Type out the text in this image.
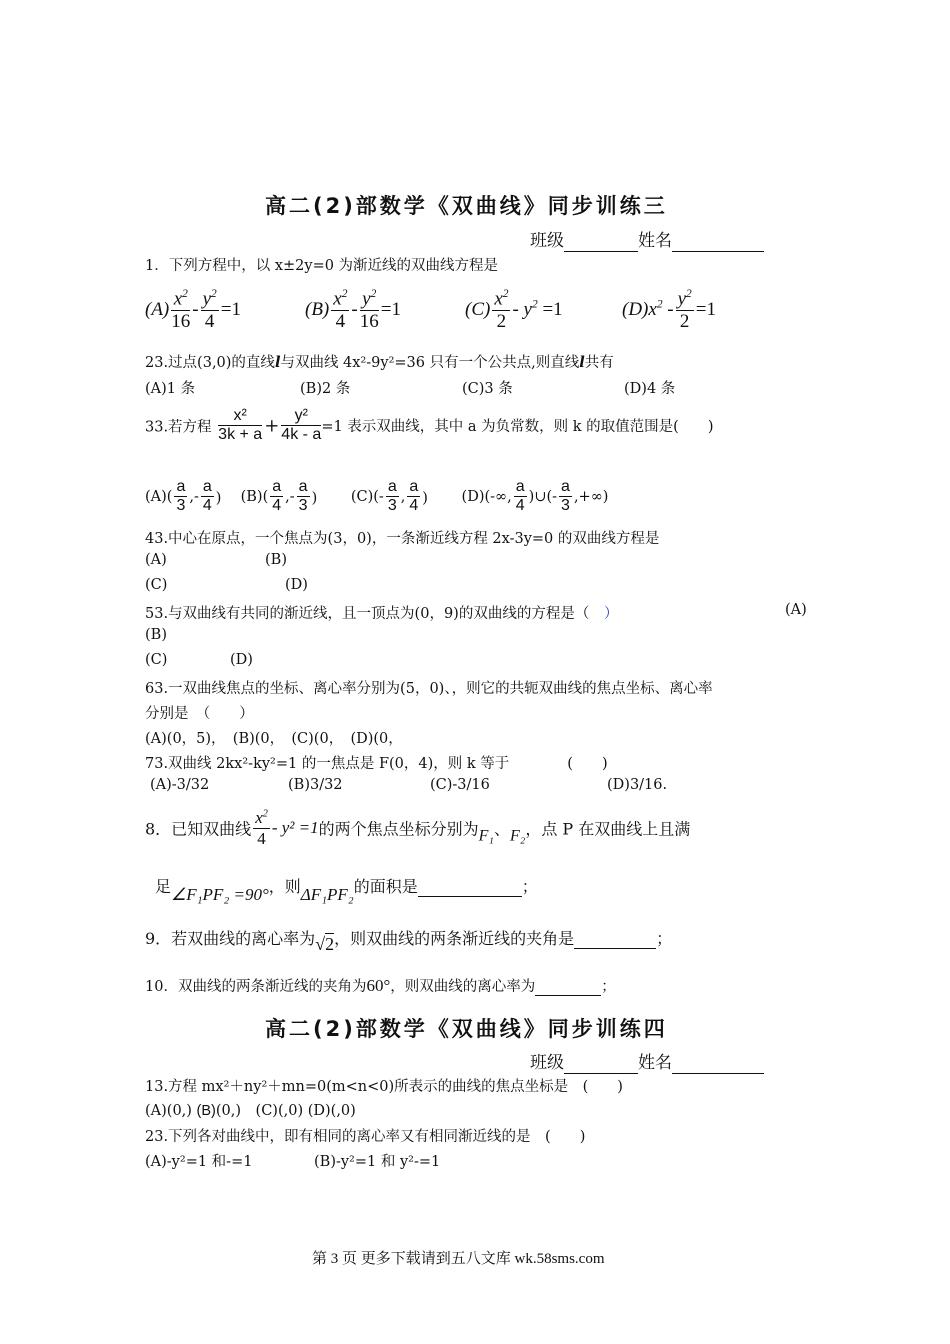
高二(2)部数学《双曲线》同步训练三
班级	姓名
1．下列方程中，以 x±2y=0 为渐近线的双曲线方程是
$(A) \frac{x^2}{16} - \frac{y^2}{4} =1$	$(B) \frac{x^2}{4} - \frac{y^2}{16} =1$	$(C) \frac{x^2}{2} - y^2 =1$	$(D)x^2 - \frac{y^2}{2} =1$
23.过点(3,0)的直线l与双曲线 4x²-9y²=36 只有一个公共点,则直线l共有
(A)1 条	(B)2 条	(C)3 条	(D)4 条
33.若方程 $\frac{\text{x²}}{3k + a} + \frac{\text{y²}}{4k - a} =1$ 表示双曲线，其中 a 为负常数，则 k 的取值范围是(　　)
$(A)( \frac{a}{3}$ ,- $\frac{a}{4}$ )　 $(B)( \frac{a}{4}$ ,- $\frac{a}{3}$ )　　 $(C)(- \frac{a}{3}$ , $\frac{a}{4}$ )　　 (D)(-∞, $\frac{a}{4}$ )∪(- $\frac{a}{3}$ ,+∞)
43.中心在原点，一个焦点为(3，0)，一条渐近线方程 2x-3y=0 的双曲线方程是
(A)	(B)
(C)	(D)
53.与双曲线有共同的渐近线，且一顶点为(0，9)的双曲线的方程是（　 ）	(A)
(B)
(C)	(D)
63.一双曲线焦点的坐标、离心率分别为(5，0)、，则它的共轭双曲线的焦点坐标、离心率
分别是　（　　）
(A)(0，5)，　(B)(0，　(C)(0，　(D)(0，
73.双曲线 2kx²-ky²=1 的一焦点是 F(0，4)，则 k 等于　　　　(　　)
(A)-3/32	(B)3/32	(C)-3/16	(D)3/16.
8．已知双曲线 $\frac{x^2}{4} - y^2 =1$的两个焦点坐标分别为F₁、F₂，点 P 在双曲线上且满
足∠F₁PF₂ =90°，则ΔF₁PF₂的面积是	；
9．若双曲线的离心率为√2，则双曲线的两条渐近线的夹角是	；
10．双曲线的两条渐近线的夹角为60°，则双曲线的离心率为	；
高二(2)部数学《双曲线》同步训练四
班级	姓名
13.方程 mx²＋ny²＋mn=0(m<n<0)所表示的曲线的焦点坐标是　(　　)
(A)(0,) (B)(0,)　 (C)(,0) (D)(,0)
23.下列各对曲线中，即有相同的离心率又有相同渐近线的是　(　　)
(A)-y²=1 和-=1	(B)-y²=1 和 y²-=1
第 3 页 更多下载请到五八文库 wk.58sms.com
